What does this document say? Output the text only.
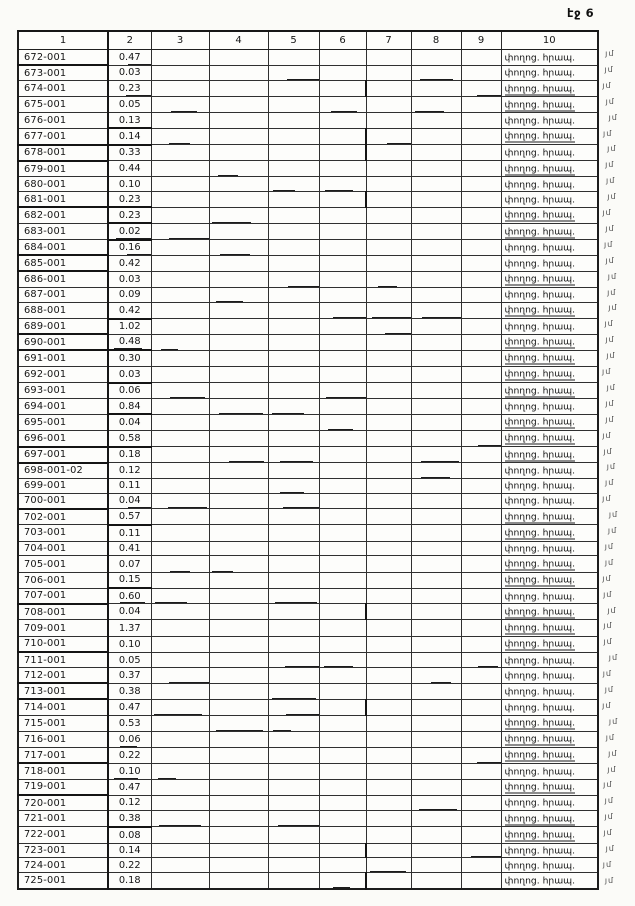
էջ 6
1	2	3	4	5	6	7	8	9	10
672-001	0.47								փողոց. հրապ.
673-001	0.03								փողոց. հրապ.
674-001	0.23								փողոց. հրապ.
675-001	0.05								փողոց. հրապ.
676-001	0.13								փողոց. հրապ.
677-001	0.14								փողոց. հրապ.
678-001	0.33								փողոց. հրապ.
679-001	0.44								փողոց. հրապ.
680-001	0.10								փողոց. հրապ.
681-001	0.23								փողոց. հրապ.
682-001	0.23								փողոց. հրապ.
683-001	0.02								փողոց. հրապ.
684-001	0.16								փողոց. հրապ.
685-001	0.42								փողոց. հրապ.
686-001	0.03								փողոց. հրապ.
687-001	0.09								փողոց. հրապ.
688-001	0.42								փողոց. հրապ.
689-001	1.02								փողոց. հրապ.
690-001	0.48								փողոց. հրապ.
691-001	0.30								փողոց. հրապ.
692-001	0.03								փողոց. հրապ.
693-001	0.06								փողոց. հրապ.
694-001	0.84								փողոց. հրապ.
695-001	0.04								փողոց. հրապ.
696-001	0.58								փողոց. հրապ.
697-001	0.18								փողոց. հրապ.
698-001-02	0.12								փողոց. հրապ.
699-001	0.11								փողոց. հրապ.
700-001	0.04								փողոց. հրապ.
702-001	0.57								փողոց. հրապ.
703-001	0.11								փողոց. հրապ.
704-001	0.41								փողոց. հրապ.
705-001	0.07								փողոց. հրապ.
706-001	0.15								փողոց. հրապ.
707-001	0.60								փողոց. հրապ.
708-001	0.04								փողոց. հրապ.
709-001	1.37								փողոց. հրապ.
710-001	0.10								փողոց. հրապ.
711-001	0.05								փողոց. հրապ.
712-001	0.37								փողոց. հրապ.
713-001	0.38								փողոց. հրապ.
714-001	0.47								փողոց. հրապ.
715-001	0.53								փողոց. հրապ.
716-001	0.06								փողոց. հրապ.
717-001	0.22								փողոց. հրապ.
718-001	0.10								փողոց. հրապ.
719-001	0.47								փողոց. հրապ.
720-001	0.12								փողոց. հրապ.
721-001	0.38								փողոց. հրապ.
722-001	0.08								փողոց. հրապ.
723-001	0.14								փողոց. հրապ.
724-001	0.22								փողոց. հրապ.
725-001	0.18								փողոց. հրապ.
յմ
յմ
յմ
յմ
յմ
յմ
յմ
յմ
յմ
յմ
յմ
յմ
յմ
յմ
յմ
յմ
յմ
յմ
յմ
յմ
յմ
յմ
յմ
յմ
յմ
յմ
յմ
յմ
յմ
յմ
յմ
յմ
յմ
յմ
յմ
յմ
յմ
յմ
յմ
յմ
յմ
յմ
յմ
յմ
յմ
յմ
յմ
յմ
յմ
յմ
յմ
յմ
յմ
